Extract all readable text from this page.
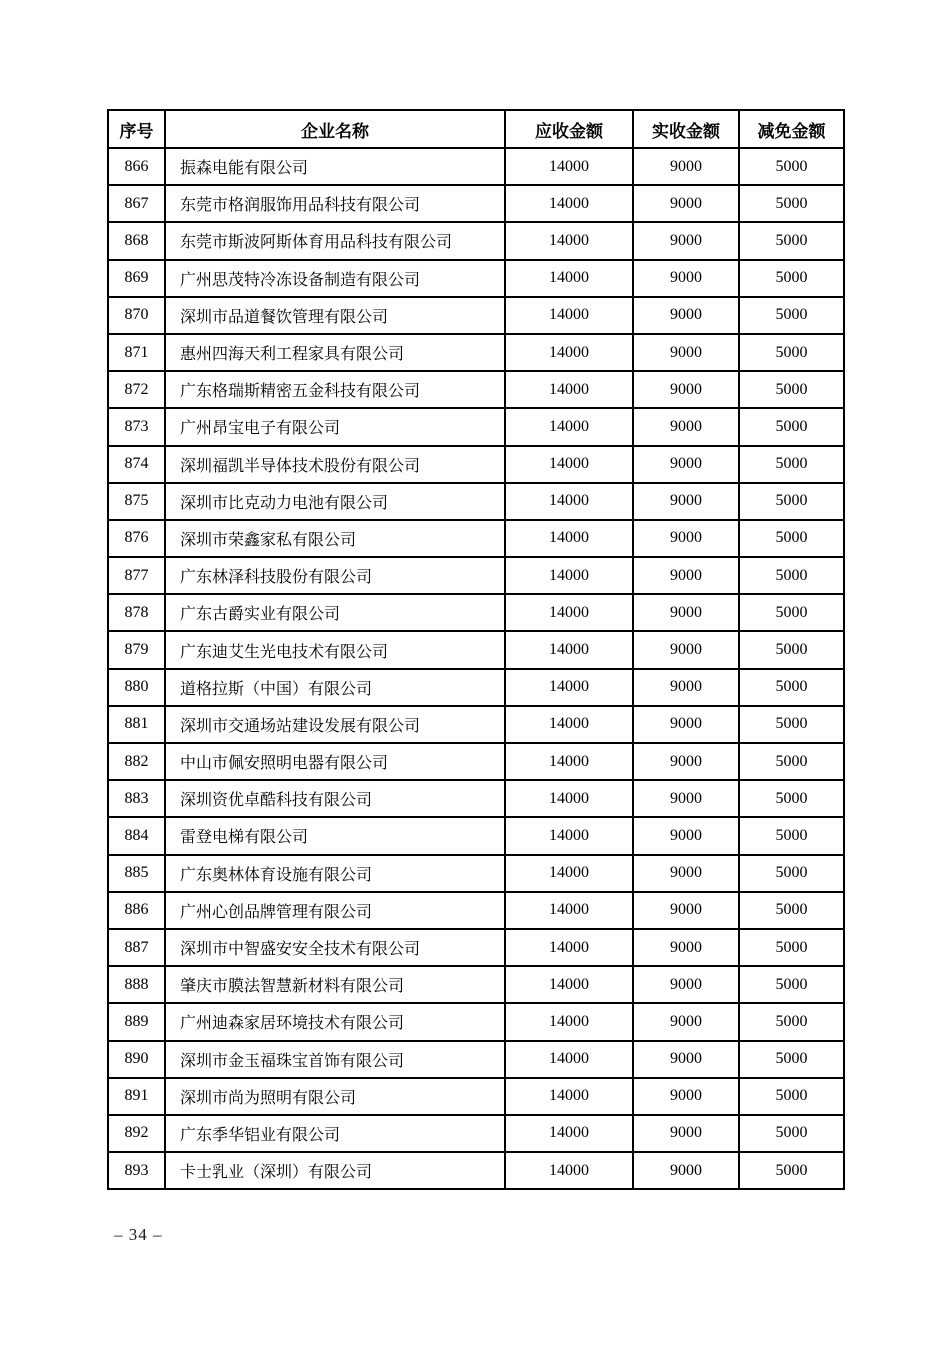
序号	企业名称	应收金额	实收金额	减免金额
866	振森电能有限公司	14000	9000	5000
867	东莞市格润服饰用品科技有限公司	14000	9000	5000
868	东莞市斯波阿斯体育用品科技有限公司	14000	9000	5000
869	广州思茂特冷冻设备制造有限公司	14000	9000	5000
870	深圳市品道餐饮管理有限公司	14000	9000	5000
871	惠州四海天利工程家具有限公司	14000	9000	5000
872	广东格瑞斯精密五金科技有限公司	14000	9000	5000
873	广州昂宝电子有限公司	14000	9000	5000
874	深圳福凯半导体技术股份有限公司	14000	9000	5000
875	深圳市比克动力电池有限公司	14000	9000	5000
876	深圳市荣鑫家私有限公司	14000	9000	5000
877	广东林泽科技股份有限公司	14000	9000	5000
878	广东古爵实业有限公司	14000	9000	5000
879	广东迪艾生光电技术有限公司	14000	9000	5000
880	道格拉斯（中国）有限公司	14000	9000	5000
881	深圳市交通场站建设发展有限公司	14000	9000	5000
882	中山市佩安照明电器有限公司	14000	9000	5000
883	深圳资优卓酷科技有限公司	14000	9000	5000
884	雷登电梯有限公司	14000	9000	5000
885	广东奥林体育设施有限公司	14000	9000	5000
886	广州心创品牌管理有限公司	14000	9000	5000
887	深圳市中智盛安安全技术有限公司	14000	9000	5000
888	肇庆市膜法智慧新材料有限公司	14000	9000	5000
889	广州迪森家居环境技术有限公司	14000	9000	5000
890	深圳市金玉福珠宝首饰有限公司	14000	9000	5000
891	深圳市尚为照明有限公司	14000	9000	5000
892	广东季华铝业有限公司	14000	9000	5000
893	卡士乳业（深圳）有限公司	14000	9000	5000
– 34 –
